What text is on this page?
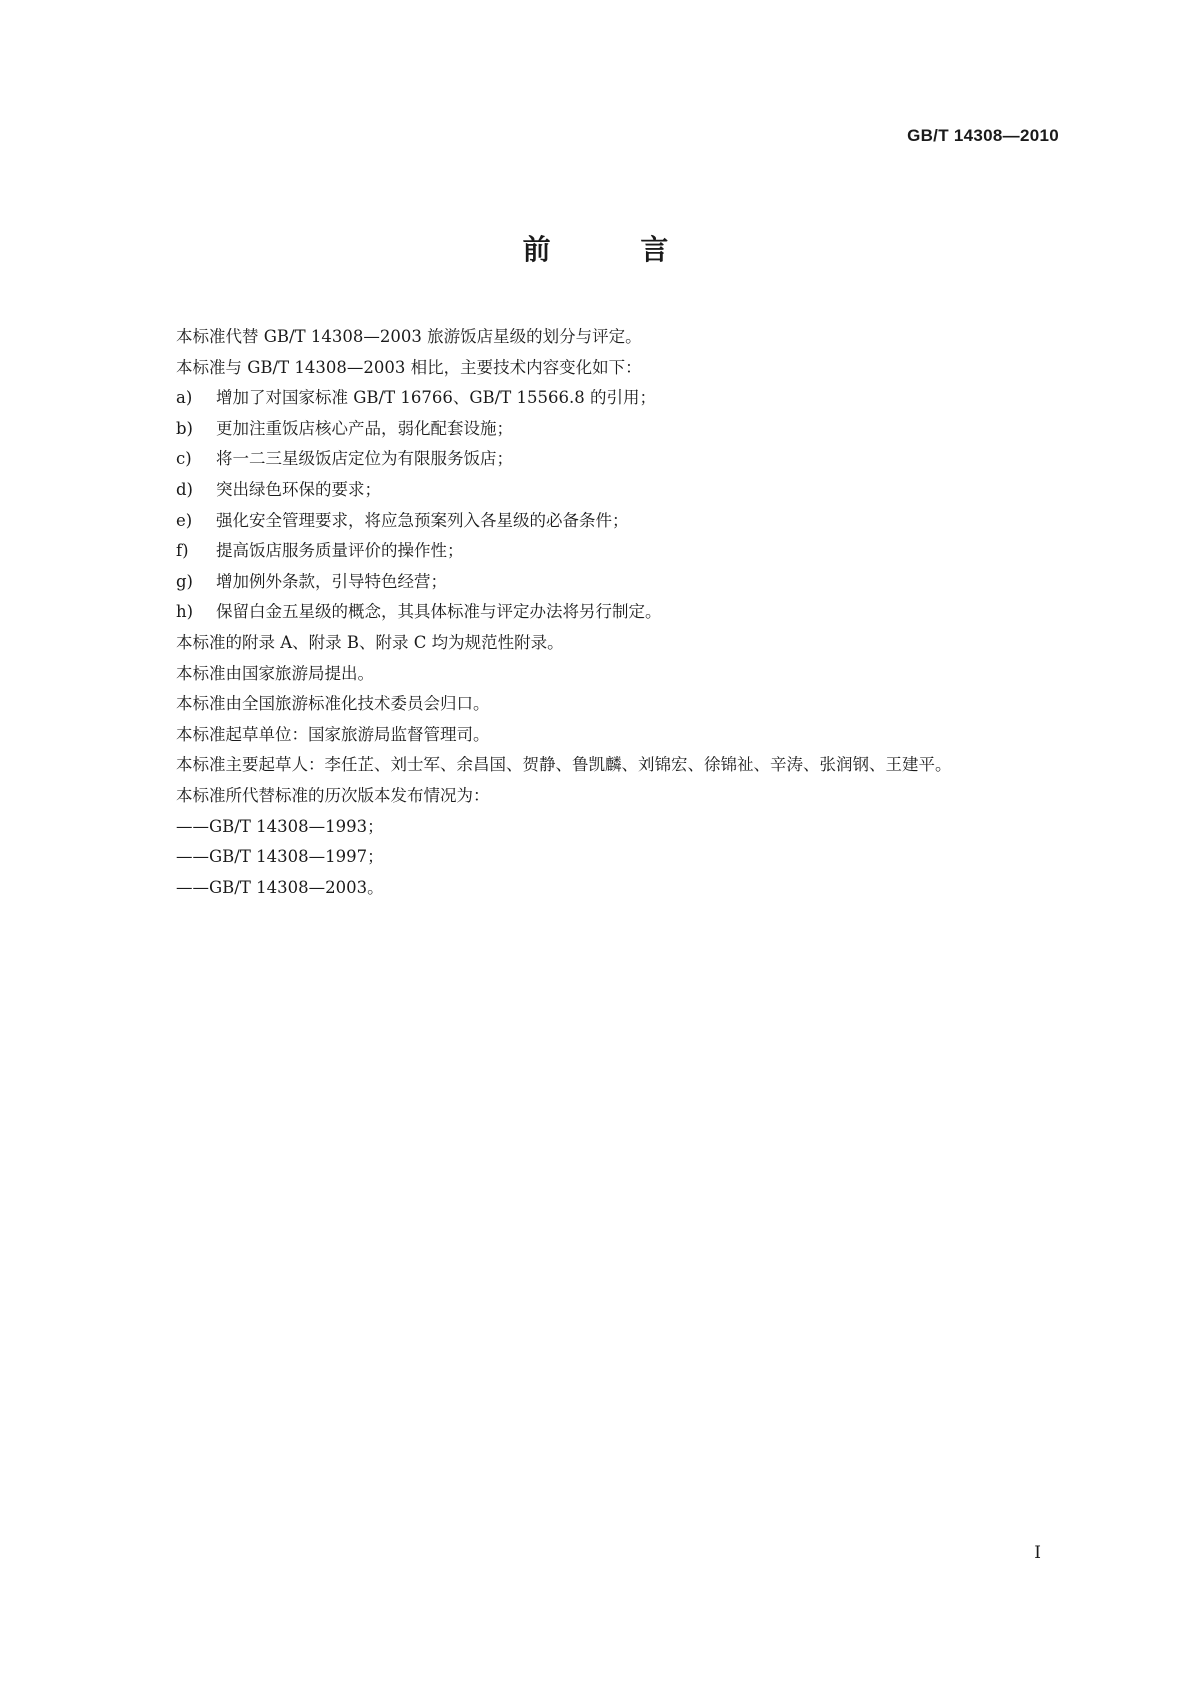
GB/T 14308—2010
前 言
本标准代替 GB/T 14308—2003 旅游饭店星级的划分与评定。
本标准与 GB/T 14308—2003 相比，主要技术内容变化如下：
a) 增加了对国家标准 GB/T 16766、GB/T 15566.8 的引用；
b) 更加注重饭店核心产品，弱化配套设施；
c) 将一二三星级饭店定位为有限服务饭店；
d) 突出绿色环保的要求；
e) 强化安全管理要求，将应急预案列入各星级的必备条件；
f) 提高饭店服务质量评价的操作性；
g) 增加例外条款，引导特色经营；
h) 保留白金五星级的概念，其具体标准与评定办法将另行制定。
本标准的附录 A、附录 B、附录 C 均为规范性附录。
本标准由国家旅游局提出。
本标准由全国旅游标准化技术委员会归口。
本标准起草单位：国家旅游局监督管理司。
本标准主要起草人：李任芷、刘士军、余昌国、贺静、鲁凯麟、刘锦宏、徐锦祉、辛涛、张润钢、王建平。
本标准所代替标准的历次版本发布情况为：
——GB/T 14308—1993；
——GB/T 14308—1997；
——GB/T 14308—2003。
I
